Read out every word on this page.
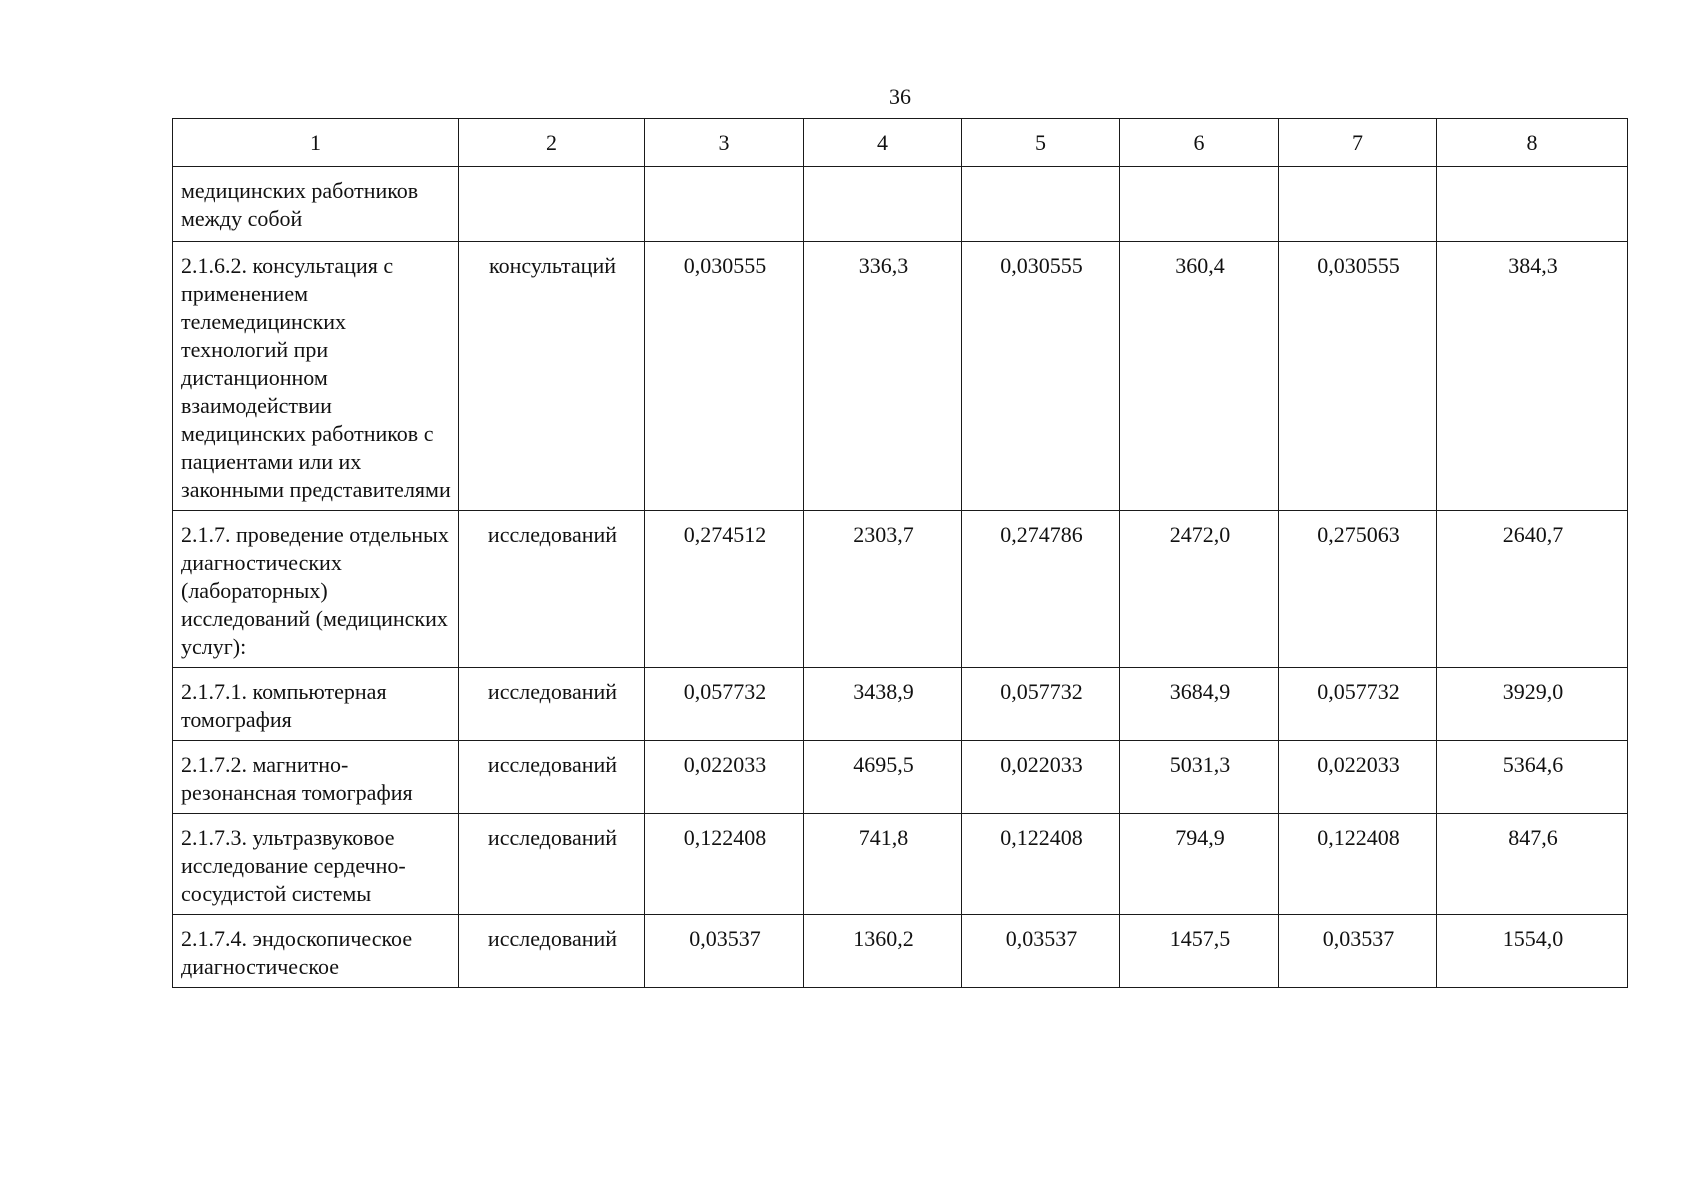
36
1	2	3	4	5	6	7	8
медицинских работников между собой							
2.1.6.2. консультация с применением телемедицинских технологий при дистанционном взаимодействии медицинских работников с пациентами или их законными представителями	консультаций	0,030555	336,3	0,030555	360,4	0,030555	384,3
2.1.7. проведение отдельных диагностических (лабораторных) исследований (медицинских услуг):	исследований	0,274512	2303,7	0,274786	2472,0	0,275063	2640,7
2.1.7.1. компьютерная томография	исследований	0,057732	3438,9	0,057732	3684,9	0,057732	3929,0
2.1.7.2. магнитно-резонансная томография	исследований	0,022033	4695,5	0,022033	5031,3	0,022033	5364,6
2.1.7.3. ультразвуковое исследование сердечно-сосудистой системы	исследований	0,122408	741,8	0,122408	794,9	0,122408	847,6
2.1.7.4. эндоскопическое диагностическое	исследований	0,03537	1360,2	0,03537	1457,5	0,03537	1554,0
